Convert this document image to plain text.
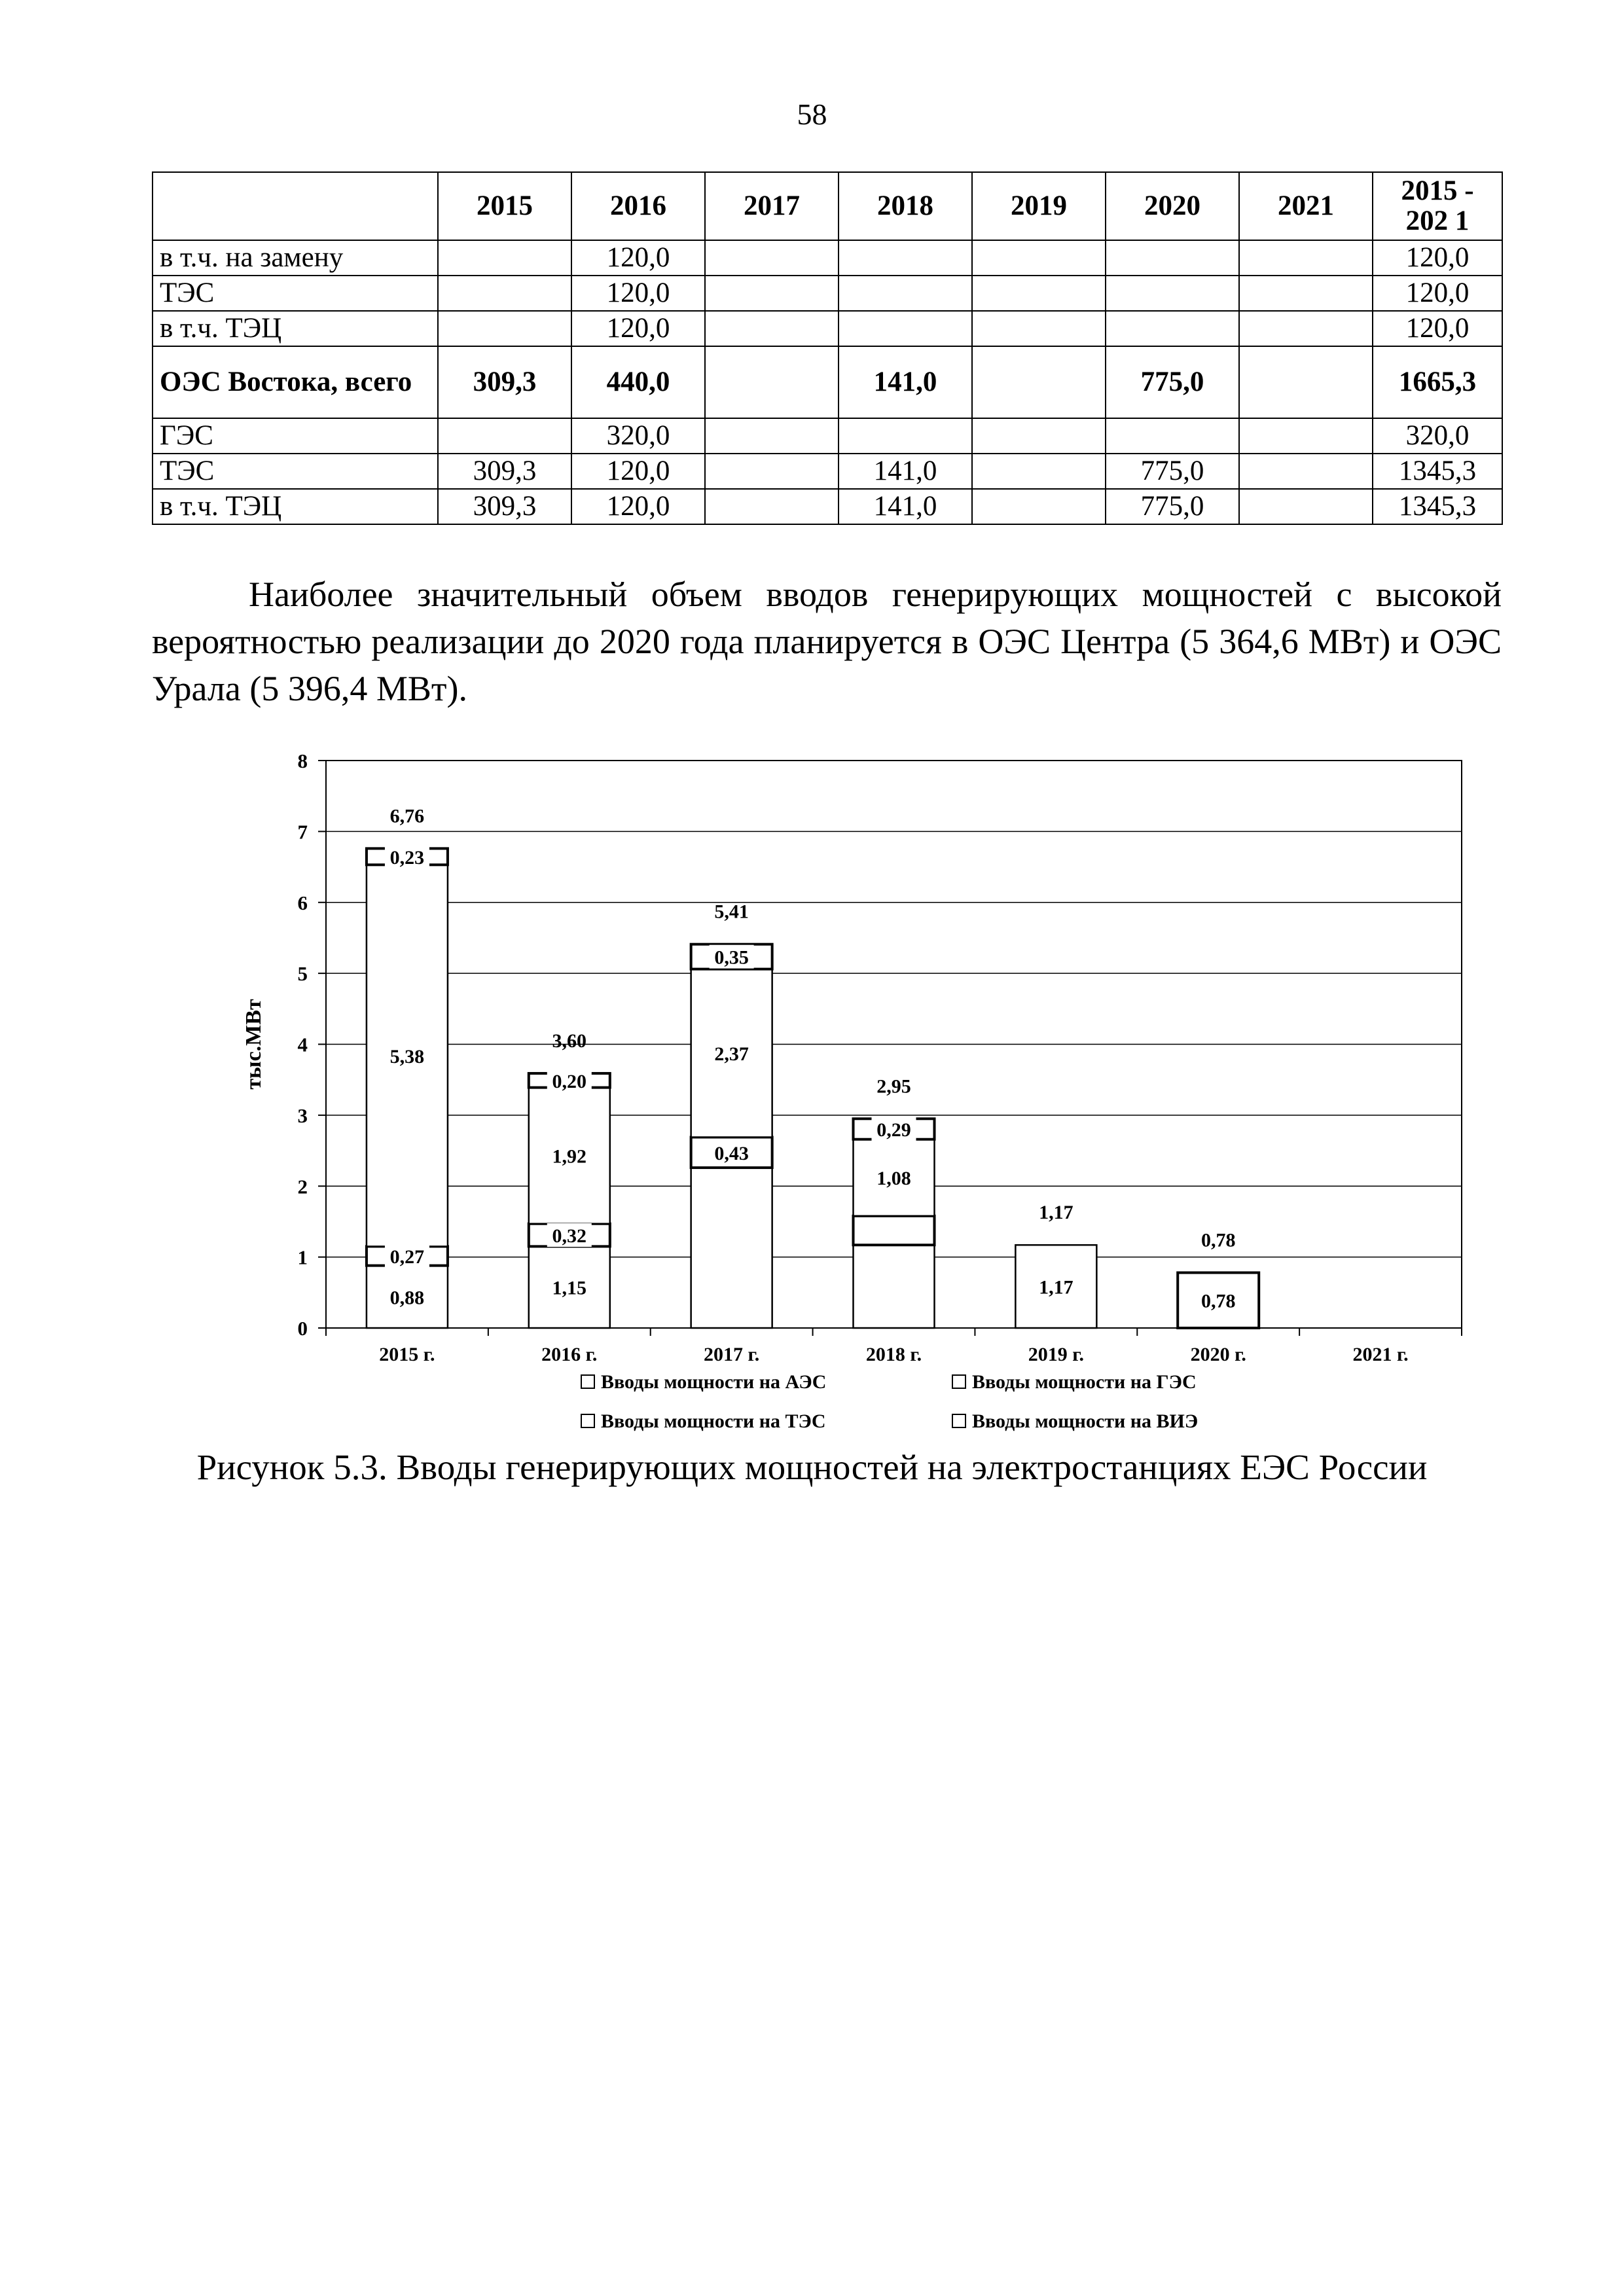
58
	2015	2016	2017	2018	2019	2020	2021	2015 - 202 1
в т.ч. на замену		120,0						120,0
ТЭС		120,0						120,0
в т.ч. ТЭЦ		120,0						120,0
ОЭС Востока, всего	309,3	440,0		141,0		775,0		1665,3
ГЭС		320,0						320,0
ТЭС	309,3	120,0		141,0		775,0		1345,3
в т.ч. ТЭЦ	309,3	120,0		141,0		775,0		1345,3
Наиболее значительный объем вводов генерирующих мощностей с высокой вероятностью реализации до 2020 года планируется в ОЭС Центра (5 364,6 МВт) и ОЭС Урала (5 396,4 МВт).
0
1
2
3
4
5
6
7
8
тыс.МВт
0,88
0,27
5,38
0,23
6,76
2015 г.
1,15
0,32
1,92
0,20
3,60
2016 г.
0,43
2,37
0,35
5,41
2017 г.
1,08
0,29
2,95
2018 г.
1,17
1,17
2019 г.
0,78
0,78
2020 г.	2021 г.
Вводы мощности на АЭС	Вводы мощности на ГЭС
Вводы мощности на ТЭС	Вводы мощности на ВИЭ
Рисунок 5.3. Вводы генерирующих мощностей на электростанциях ЕЭС России
